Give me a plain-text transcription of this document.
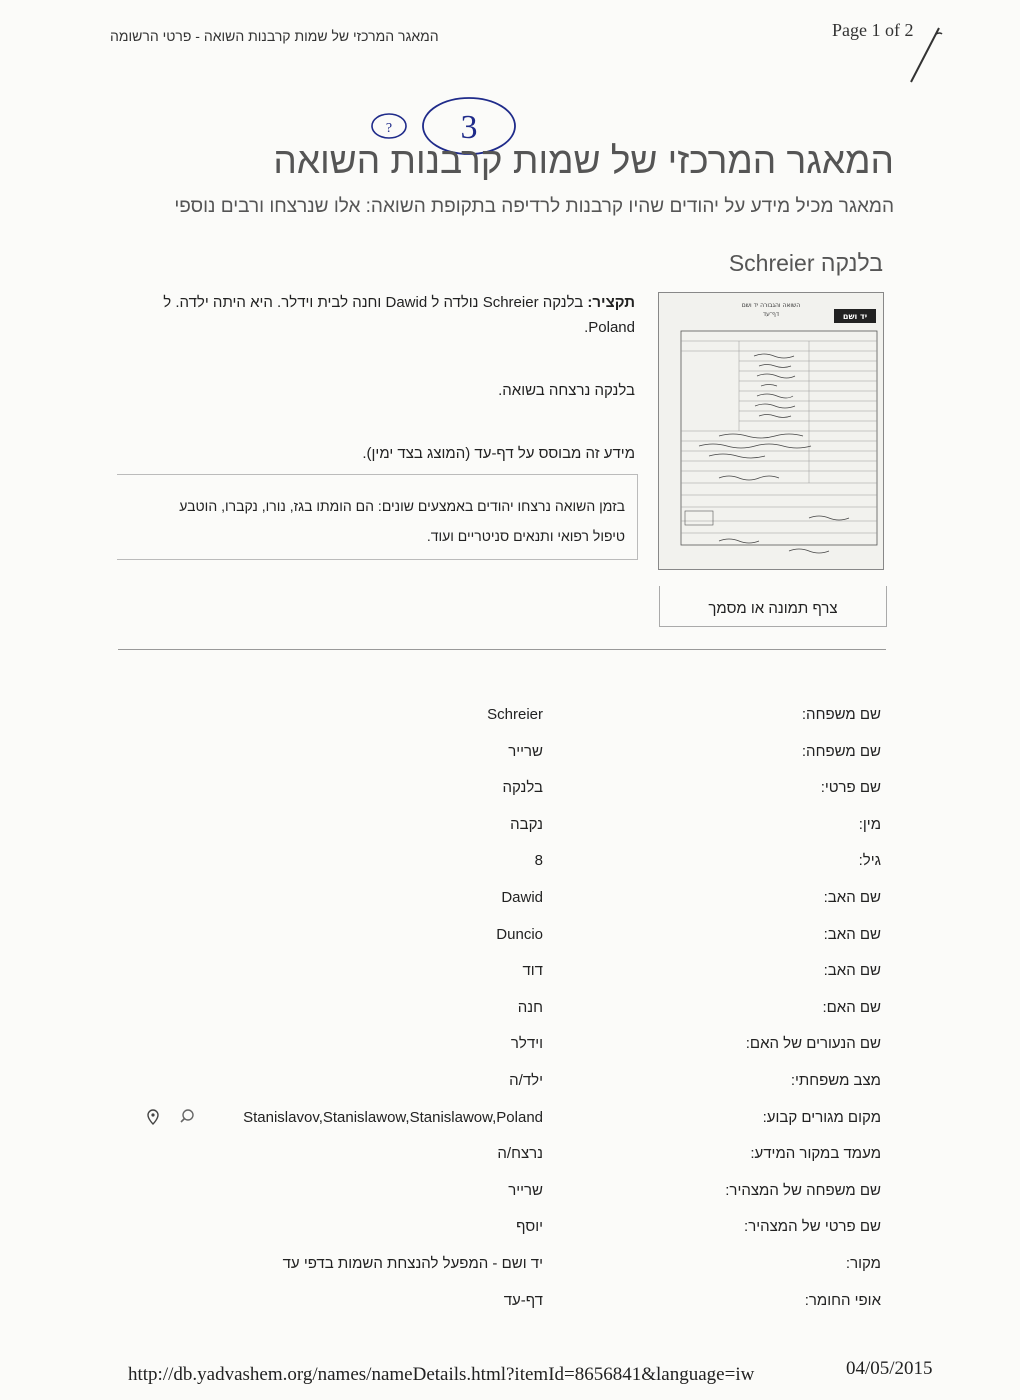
המאגר המרכזי של שמות קרבנות השואה - פרטי הרשומה	Page 1 of 2
? 3
המאגר המרכזי של שמות קרבנות השואה
המאגר מכיל מידע על יהודים שהיו קרבנות לרדיפה בתקופת השואה: אלו שנרצחו ורבים נוספי
בלנקה Schreier

תקציר: בלנקה Schreier נולדה ל Dawid וחנה לבית וידלר. היא היתה ילדה. ל

Poland.

בלנקה נרצחה בשואה.

מידע זה מבוסס על דף-עד (המוצג בצד ימין).

בזמן השואה נרצחו יהודים באמצעים שונים: הם הומתו בגז, נורו, נקברו, הוטבע
טיפול רפואי ותנאים סניטריים ועוד.
השואה והגבורה יד ושם
דף־עד	יד ושם
צרף תמונה או מסמך
Schreier	שם משפחה:
שרייר	שם משפחה:
בלנקה	שם פרטי:
נקבה	מין:
8	גיל:
Dawid	שם האב:
Duncio	שם האב:
דוד	שם האב:
חנה	שם האם:
וידלר	שם הנעורים של האם:
ילד/ה	מצב משפחתי:
Stanislavov,Stanislawow,Stanislawow,Poland	מקום מגורים קבוע:
נרצח/ה	מעמד במקור המידע:
שרייר	שם משפחה של המצהיר:
יוסף	שם פרטי של המצהיר:
יד ושם - המפעל להנצחת השמות בדפי עד	מקור:
דף-עד	אופי החומר:
http://db.yadvashem.org/names/nameDetails.html?itemId=8656841&language=iw	04/05/2015
